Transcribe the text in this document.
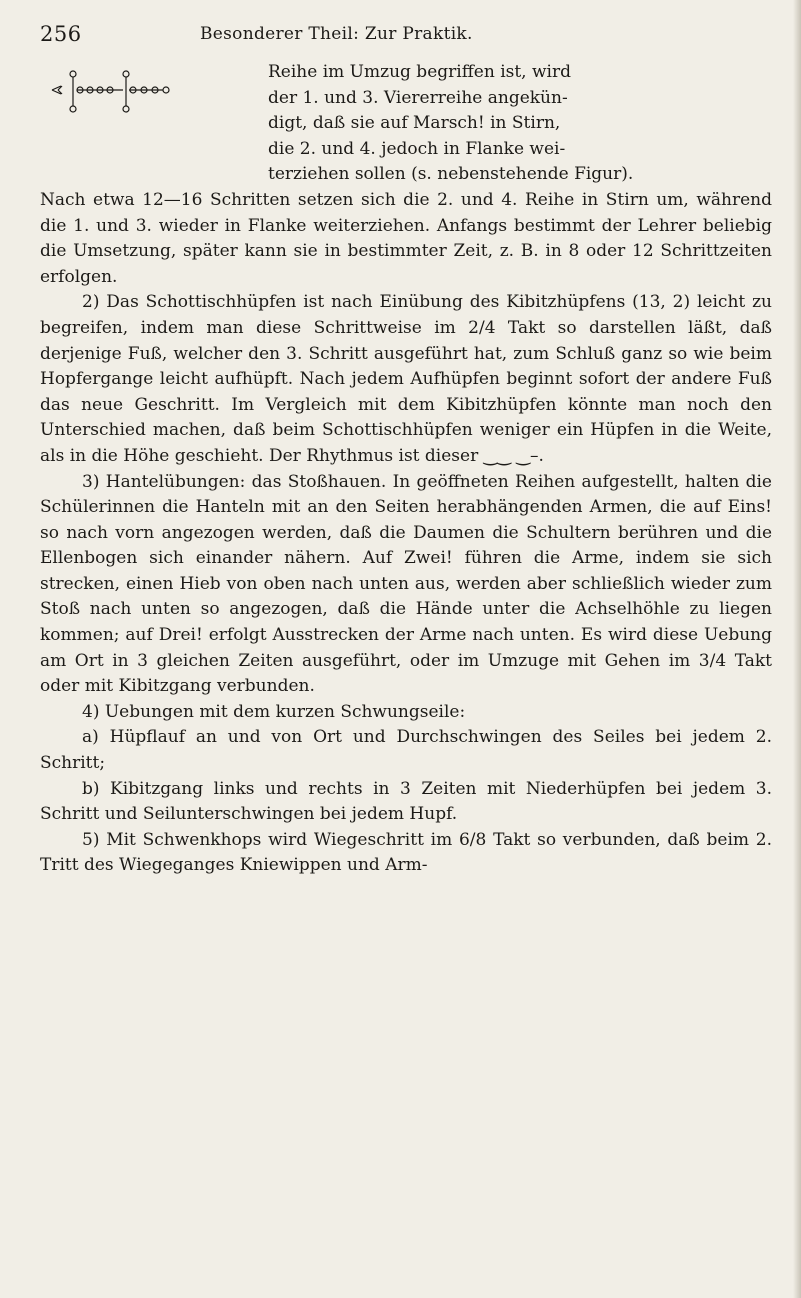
256	Besonderer Theil: Zur Praktik.

Reihe im Umzug begriffen ist, wird

der 1. und 3. Viererreihe angekün-

digt, daß sie auf Marsch! in Stirn,

die 2. und 4. jedoch in Flanke wei-

terziehen sollen (s. nebenstehende Figur).

Nach etwa 12—16 Schritten setzen sich die 2. und 4. Reihe in Stirn um, während die 1. und 3. wieder in Flanke weiterziehen. Anfangs bestimmt der Lehrer beliebig die Umsetzung, später kann sie in bestimmter Zeit, z. B. in 8 oder 12 Schrittzeiten erfolgen.

2) Das Schottischhüpfen ist nach Einübung des Kibitzhüpfens (13, 2) leicht zu begreifen, indem man diese Schrittweise im 2/4 Takt so darstellen läßt, daß derjenige Fuß, welcher den 3. Schritt ausgeführt hat, zum Schluß ganz so wie beim Hopfergange leicht aufhüpft. Nach jedem Aufhüpfen beginnt sofort der andere Fuß das neue Geschritt. Im Vergleich mit dem Kibitzhüpfen könnte man noch den Unterschied machen, daß beim Schottischhüpfen weniger ein Hüpfen in die Weite, als in die Höhe geschieht. Der Rhythmus ist dieser ‿‿ ‿–.

3) Hantelübungen: das Stoßhauen. In geöffneten Reihen aufgestellt, halten die Schülerinnen die Hanteln mit an den Seiten herabhängenden Armen, die auf Eins! so nach vorn angezogen werden, daß die Daumen die Schultern berühren und die Ellenbogen sich einander nähern. Auf Zwei! führen die Arme, indem sie sich strecken, einen Hieb von oben nach unten aus, werden aber schließlich wieder zum Stoß nach unten so angezogen, daß die Hände unter die Achselhöhle zu liegen kommen; auf Drei! erfolgt Ausstrecken der Arme nach unten. Es wird diese Uebung am Ort in 3 gleichen Zeiten ausgeführt, oder im Umzuge mit Gehen im 3/4 Takt oder mit Kibitzgang verbunden.

4) Uebungen mit dem kurzen Schwungseile:

a) Hüpflauf an und von Ort und Durchschwingen des Seiles bei jedem 2. Schritt;

b) Kibitzgang links und rechts in 3 Zeiten mit Niederhüpfen bei jedem 3. Schritt und Seilunterschwingen bei jedem Hupf.

5) Mit Schwenkhops wird Wiegeschritt im 6/8 Takt so verbunden, daß beim 2. Tritt des Wiegeganges Kniewippen und Arm-
